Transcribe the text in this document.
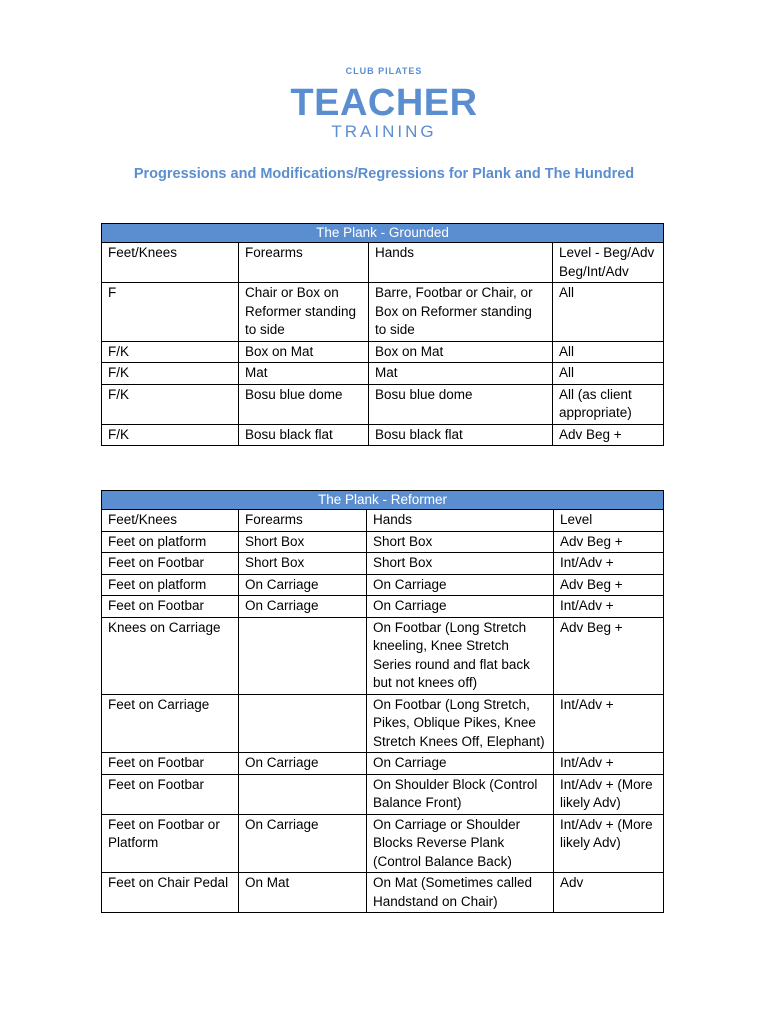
CLUB PILATES
TEACHER
TRAINING
Progressions and Modifications/Regressions for Plank and The Hundred
The Plank - Grounded			
Feet/Knees	Forearms	Hands	Level - Beg/AdvBeg/Int/Adv
F	Chair or Box on Reformer standing to side	Barre, Footbar or Chair, or Box on Reformer standing to side	All
F/K	Box on Mat	Box on Mat	All
F/K	Mat	Mat	All
F/K	Bosu blue dome	Bosu blue dome	All (as client appropriate)
F/K	Bosu black flat	Bosu black flat	Adv Beg +
The Plank - Reformer			
Feet/Knees	Forearms	Hands	Level
Feet on platform	Short Box	Short Box	Adv Beg +
Feet on Footbar	Short Box	Short Box	Int/Adv +
Feet on platform	On Carriage	On Carriage	Adv Beg +
Feet on Footbar	On Carriage	On Carriage	Int/Adv +
Knees on Carriage		On Footbar (Long Stretch kneeling, Knee Stretch Series round and flat back but not knees off)	Adv Beg +
Feet on Carriage		On Footbar (Long Stretch, Pikes, Oblique Pikes, Knee Stretch Knees Off, Elephant)	Int/Adv +
Feet on Footbar	On Carriage	On Carriage	Int/Adv +
Feet on Footbar		On Shoulder Block (Control Balance Front)	Int/Adv + (More likely Adv)
Feet on Footbar or Platform	On Carriage	On Carriage or Shoulder Blocks Reverse Plank (Control Balance Back)	Int/Adv + (More likely Adv)
Feet on Chair Pedal	On Mat	On Mat (Sometimes called Handstand on Chair)	Adv
